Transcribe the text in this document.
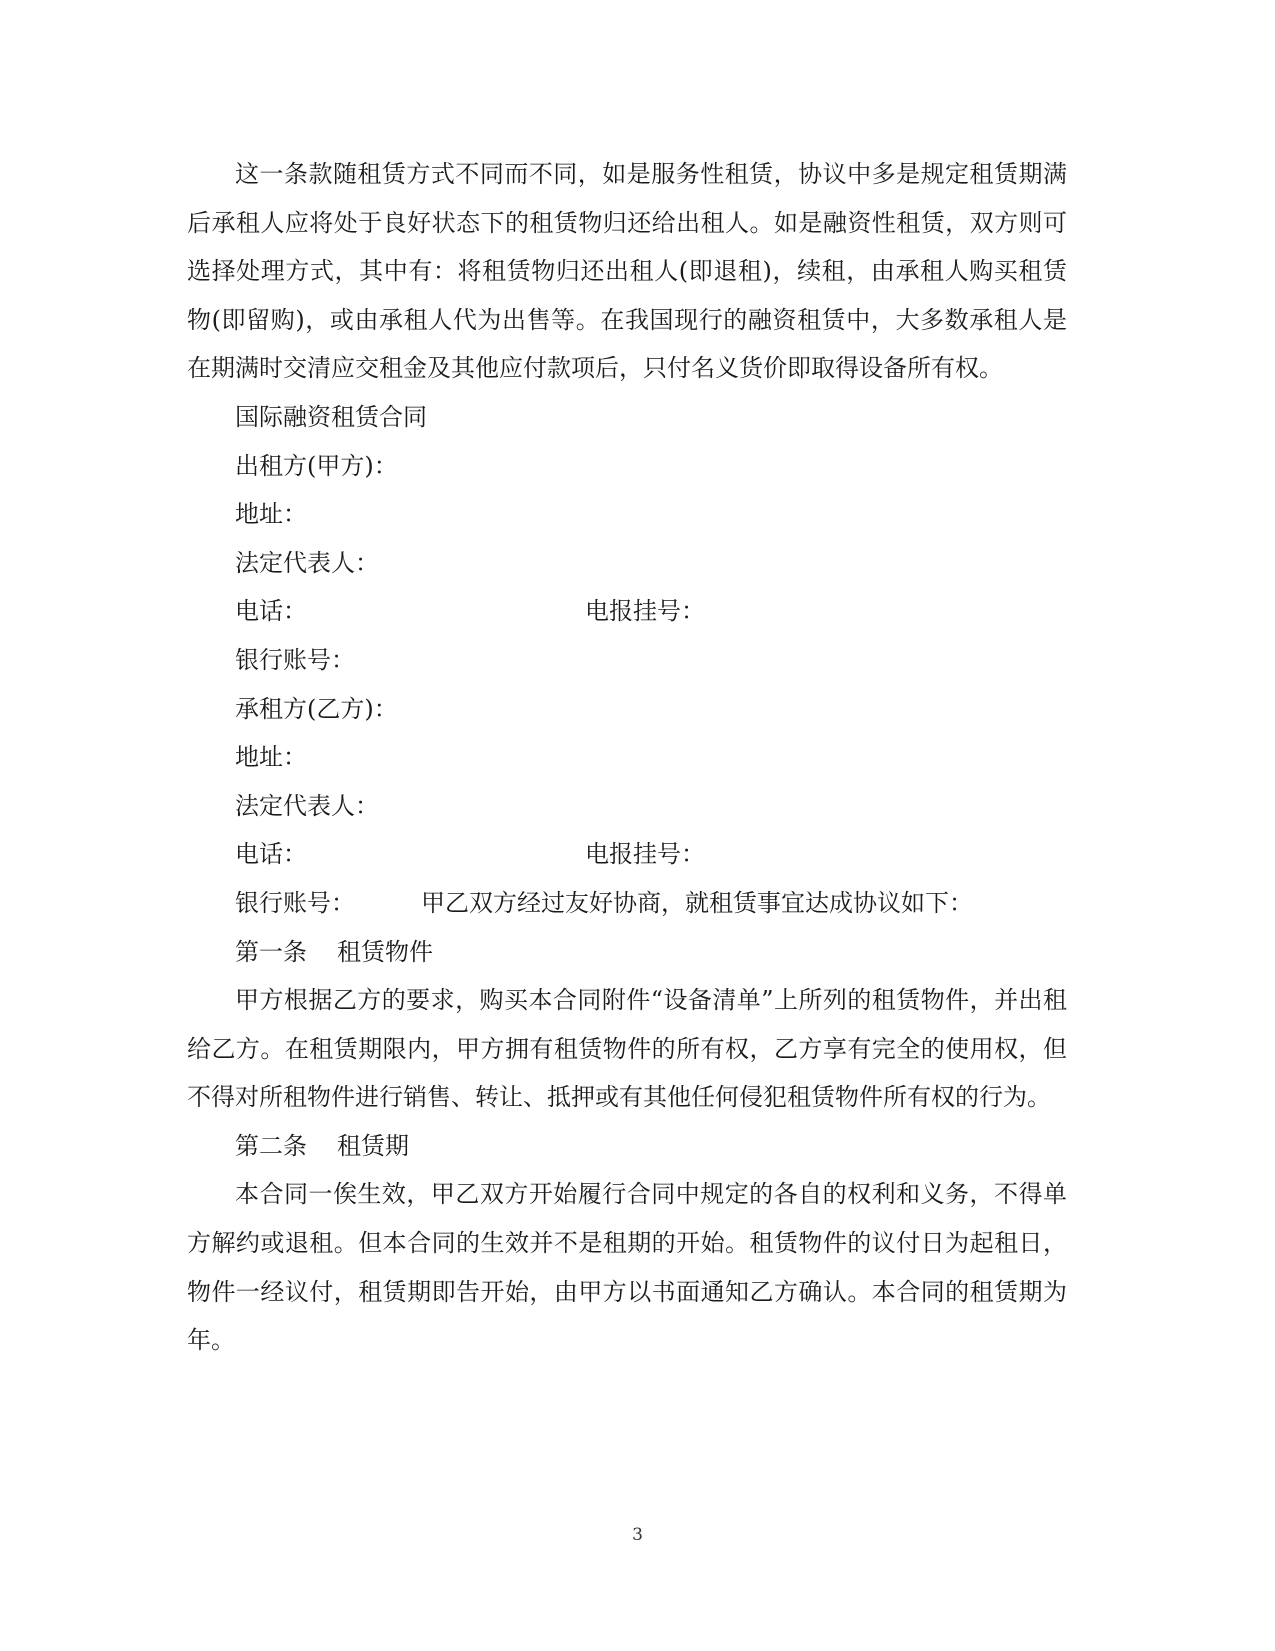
这一条款随租赁方式不同而不同，如是服务性租赁，协议中多是规定租赁期满后承租人应将处于良好状态下的租赁物归还给出租人。如是融资性租赁，双方则可选择处理方式，其中有：将租赁物归还出租人(即退租)，续租，由承租人购买租赁物(即留购)，或由承租人代为出售等。在我国现行的融资租赁中，大多数承租人是在期满时交清应交租金及其他应付款项后，只付名义货价即取得设备所有权。

国际融资租赁合同

出租方(甲方)：

地址：

法定代表人：

电话：	电报挂号：

银行账号：

承租方(乙方)：

地址：

法定代表人：

电话：	电报挂号：

银行账号：	甲乙双方经过友好协商，就租赁事宜达成协议如下：

第一条 租赁物件

甲方根据乙方的要求，购买本合同附件“设备清单”上所列的租赁物件，并出租给乙方。在租赁期限内，甲方拥有租赁物件的所有权，乙方享有完全的使用权，但不得对所租物件进行销售、转让、抵押或有其他任何侵犯租赁物件所有权的行为。

第二条 租赁期

本合同一俟生效，甲乙双方开始履行合同中规定的各自的权利和义务，不得单方解约或退租。但本合同的生效并不是租期的开始。租赁物件的议付日为起租日，物件一经议付，租赁期即告开始，由甲方以书面通知乙方确认。本合同的租赁期为年。

3
